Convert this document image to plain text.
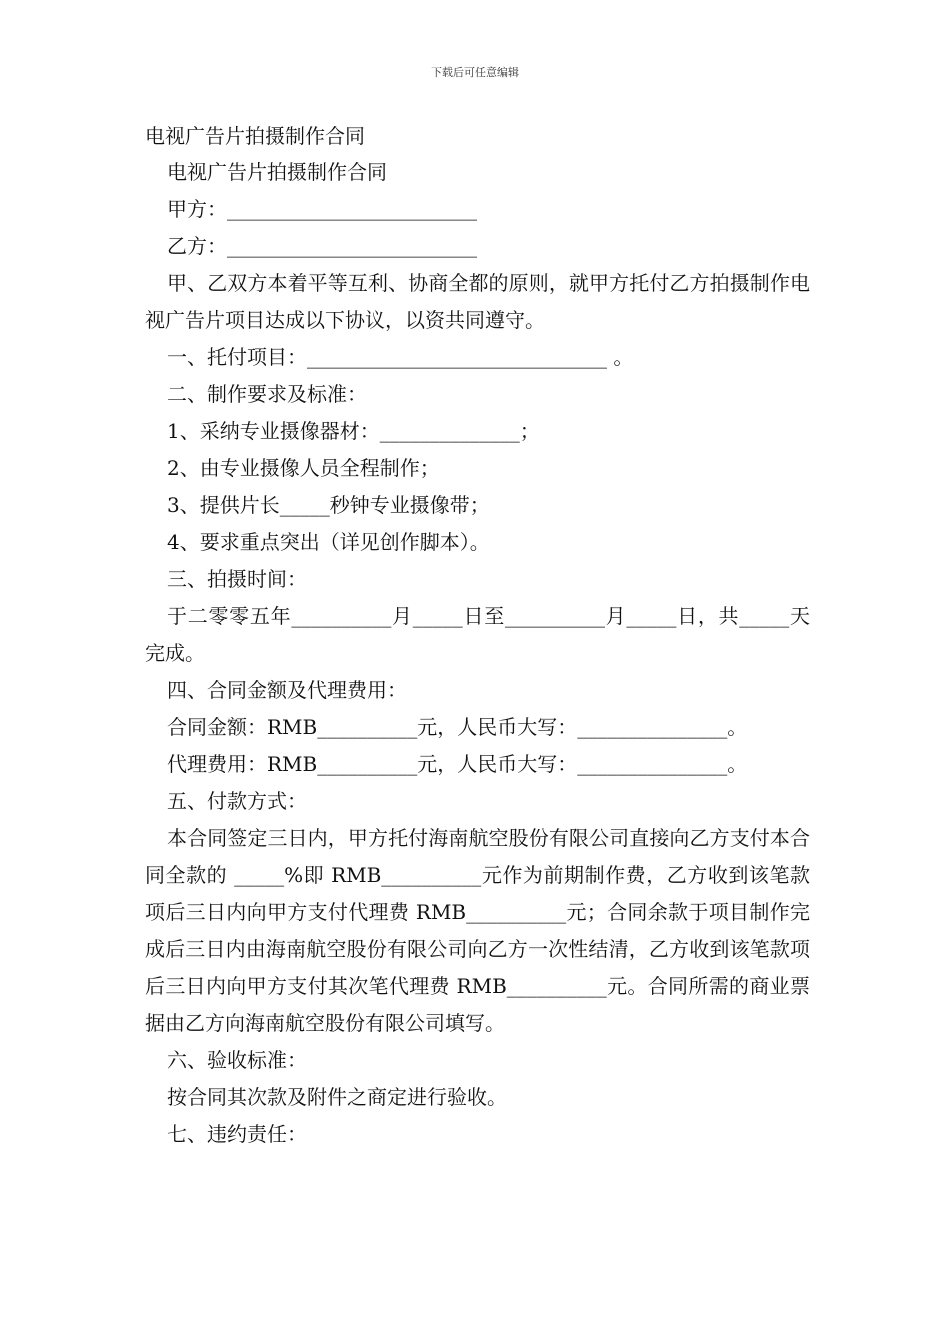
下载后可任意编辑
电视广告片拍摄制作合同
电视广告片拍摄制作合同
甲方：_________________________
乙方：_________________________
甲、乙双方本着平等互利、协商全都的原则，就甲方托付乙方拍摄制作电视广告片项目达成以下协议，以资共同遵守。
一、托付项目：______________________________ 。
二、制作要求及标准：
1、采纳专业摄像器材：______________；
2、由专业摄像人员全程制作；
3、提供片长_____秒钟专业摄像带；
4、要求重点突出（详见创作脚本）。
三、拍摄时间：
于二零零五年__________月_____日至__________月_____日，共_____天完成。
四、合同金额及代理费用：
合同金额：RMB__________元，人民币大写：_______________。
代理费用：RMB__________元，人民币大写：_______________。
五、付款方式：
本合同签定三日内，甲方托付海南航空股份有限公司直接向乙方支付本合同全款的 _____%即 RMB__________元作为前期制作费，乙方收到该笔款项后三日内向甲方支付代理费 RMB__________元；合同余款于项目制作完成后三日内由海南航空股份有限公司向乙方一次性结清，乙方收到该笔款项后三日内向甲方支付其次笔代理费 RMB__________元。合同所需的商业票据由乙方向海南航空股份有限公司填写。
六、验收标准：
按合同其次款及附件之商定进行验收。
七、违约责任：
